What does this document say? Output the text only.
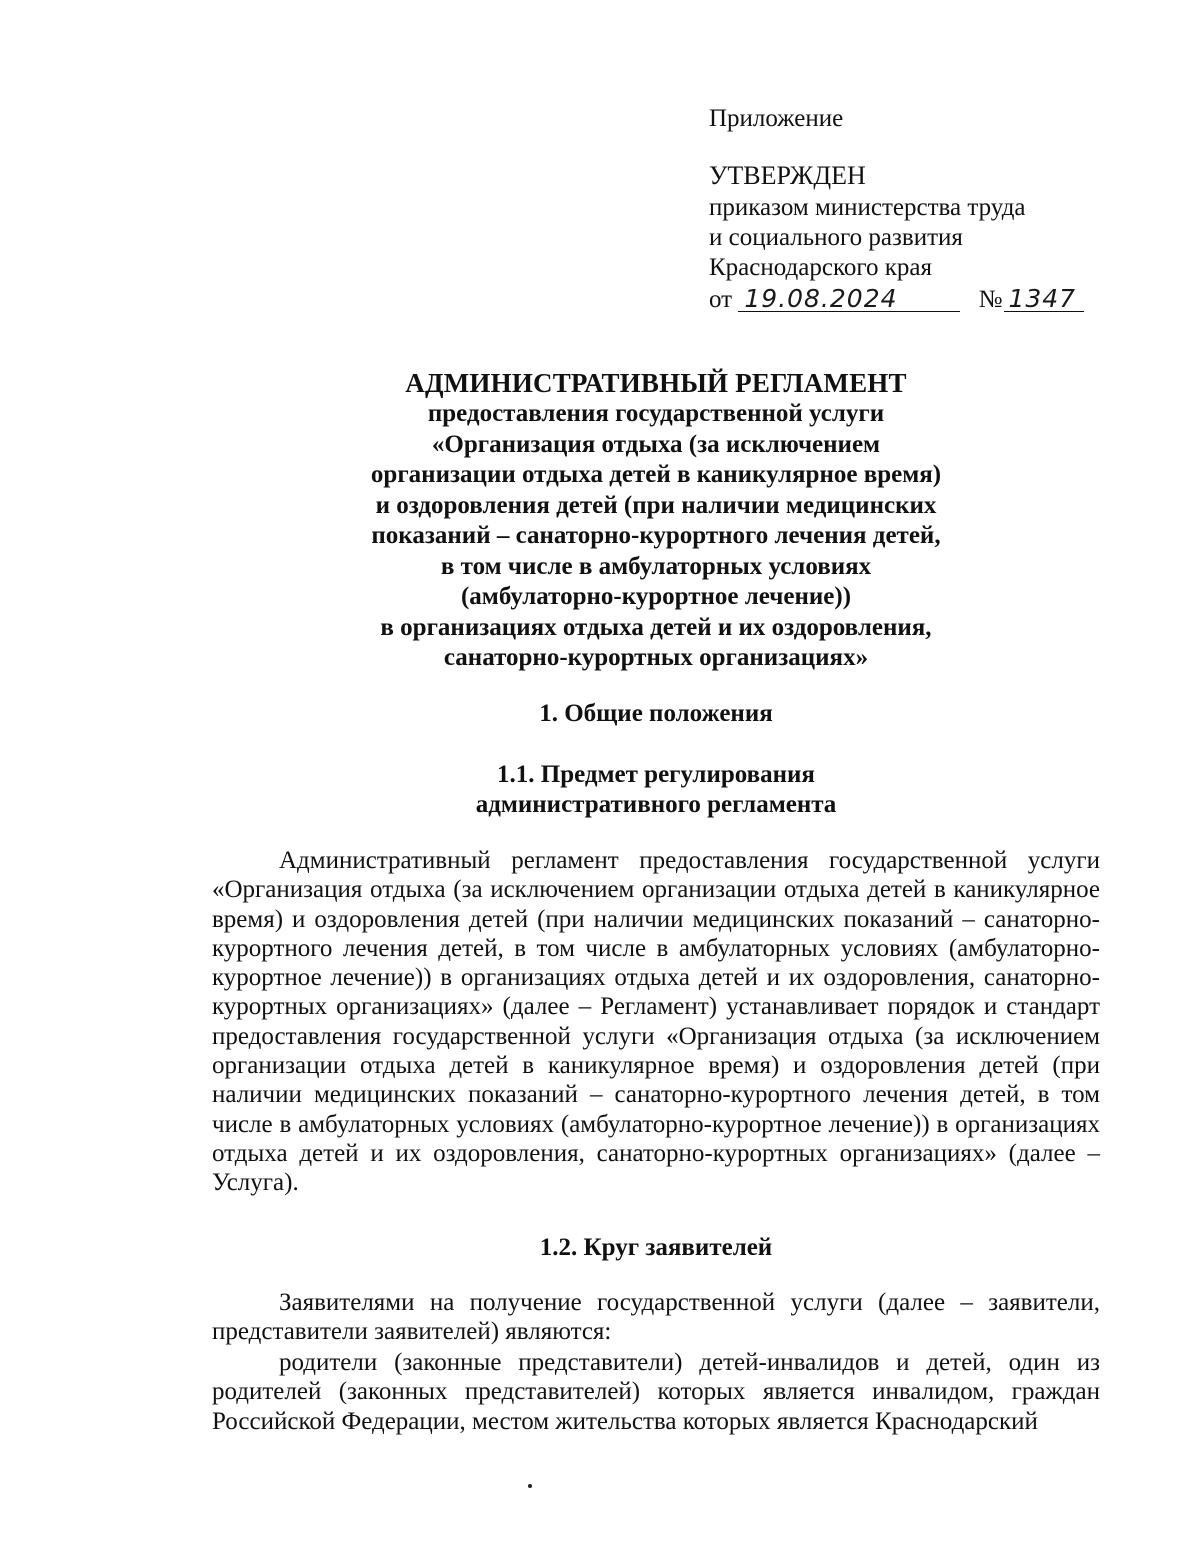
Приложение
УТВЕРЖДЕН
приказом министерства труда
и социального развития
Краснодарского края
от 19.08.2024	№ 1347
АДМИНИСТРАТИВНЫЙ РЕГЛАМЕНТ
предоставления государственной услуги
«Организация отдыха (за исключением
организации отдыха детей в каникулярное время)
и оздоровления детей (при наличии медицинских
показаний – санаторно-курортного лечения детей,
в том числе в амбулаторных условиях
(амбулаторно-курортное лечение))
в организациях отдыха детей и их оздоровления,
санаторно-курортных организациях»
1. Общие положения
1.1. Предмет регулирования
административного регламента

Административный регламент предоставления государственной услуги «Организация отдыха (за исключением организации отдыха детей в каникулярное время) и оздоровления детей (при наличии медицинских показаний – санаторно-курортного лечения детей, в том числе в амбулаторных условиях (амбулаторно-курортное лечение)) в организациях отдыха детей и их оздоровления, санаторно-курортных организациях» (далее – Регламент) устанавливает порядок и стандарт предоставления государственной услуги «Организация отдыха (за исключением организации отдыха детей в каникулярное время) и оздоровления детей (при наличии медицинских показаний – санаторно-курортного лечения детей, в том числе в амбулаторных условиях (амбулаторно-курортное лечение)) в организациях отдыха детей и их оздоровления, санаторно-курортных организациях» (далее – Услуга).

1.2. Круг заявителей

Заявителями на получение государственной услуги (далее – заявители, представители заявителей) являются:

родители (законные представители) детей-инвалидов и детей, один из родителей (законных представителей) которых является инвалидом, граждан Российской Федерации, местом жительства которых является Краснодарский
